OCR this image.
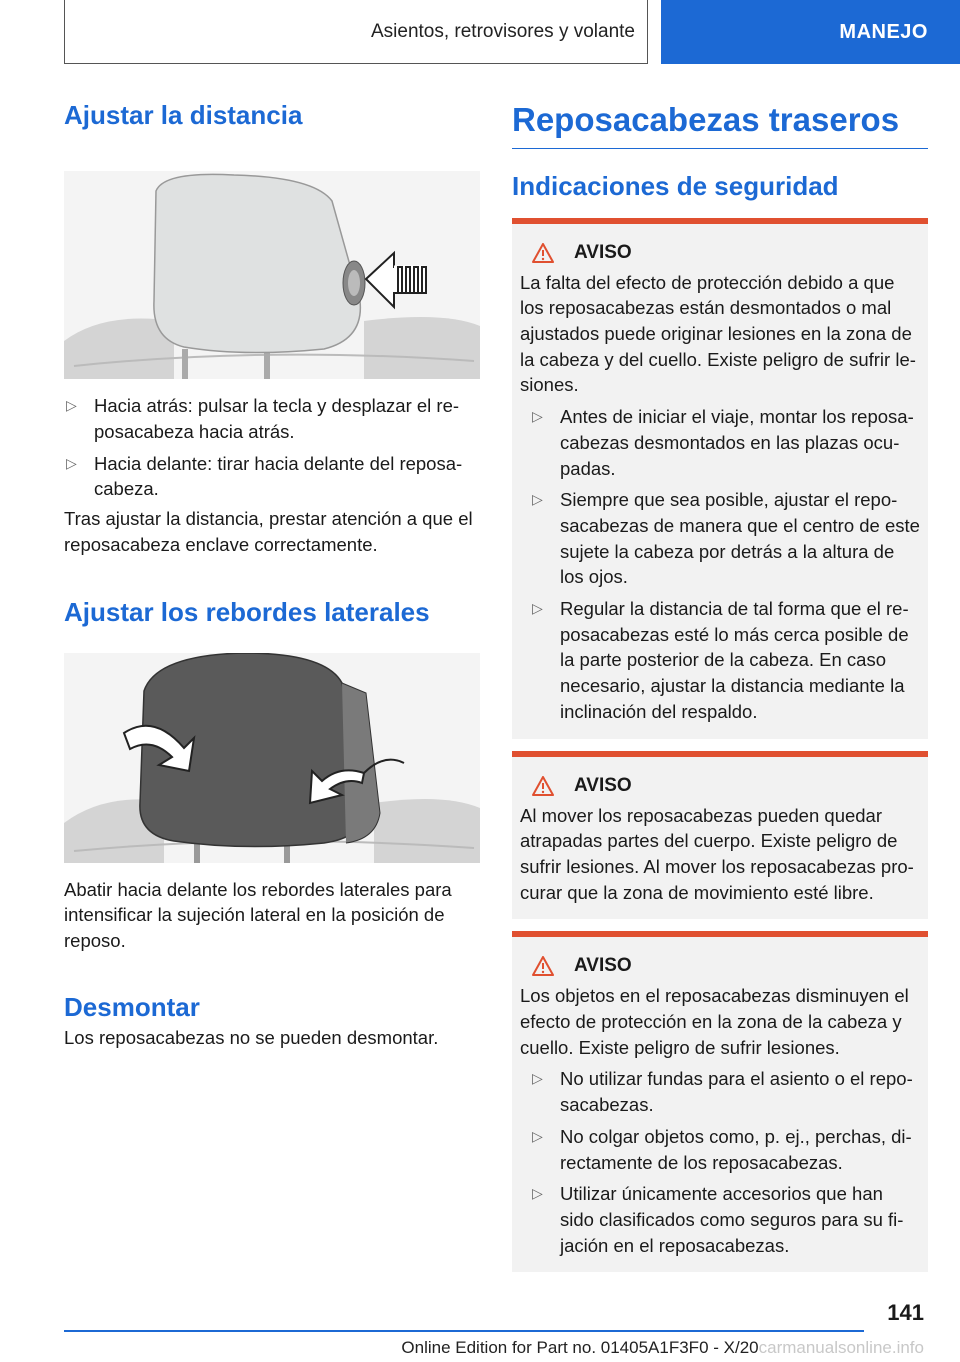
Asientos, retrovisores y volante	MANEJO
Ajustar la distancia
▷ Hacia atrás: pulsar la tecla y desplazar el reposacabeza hacia atrás.
▷ Hacia delante: tirar hacia delante del reposacabeza.

Tras ajustar la distancia, prestar atención a que el reposacabeza enclave correctamente.

Ajustar los rebordes laterales

Abatir hacia delante los rebordes laterales para intensificar la sujeción lateral en la posición de reposo.

Desmontar

Los reposacabezas no se pueden desmontar.

Reposacabezas traseros
Indicaciones de seguridad
AVISO

La falta del efecto de protección debido a que los reposacabezas están desmontados o mal ajustados puede originar lesiones en la zona de la cabeza y del cuello. Existe peligro de sufrir lesiones.

▷ Antes de iniciar el viaje, montar los reposacabezas desmontados en las plazas ocupadas.
▷ Siempre que sea posible, ajustar el reposacabezas de manera que el centro de este sujete la cabeza por detrás a la altura de los ojos.
▷ Regular la distancia de tal forma que el reposacabezas esté lo más cerca posible de la parte posterior de la cabeza. En caso necesario, ajustar la distancia mediante la inclinación del respaldo.
AVISO

Al mover los reposacabezas pueden quedar atrapadas partes del cuerpo. Existe peligro de sufrir lesiones. Al mover los reposacabezas procurar que la zona de movimiento esté libre.

AVISO

Los objetos en el reposacabezas disminuyen el efecto de protección en la zona de la cabeza y cuello. Existe peligro de sufrir lesiones.

▷ No utilizar fundas para el asiento o el reposacabezas.
▷ No colgar objetos como, p. ej., perchas, directamente de los reposacabezas.
▷ Utilizar únicamente accesorios que han sido clasificados como seguros para su fijación en el reposacabezas.
141
Online Edition for Part no. 01405A1F3F0 - X/20carmanualsonline.info
